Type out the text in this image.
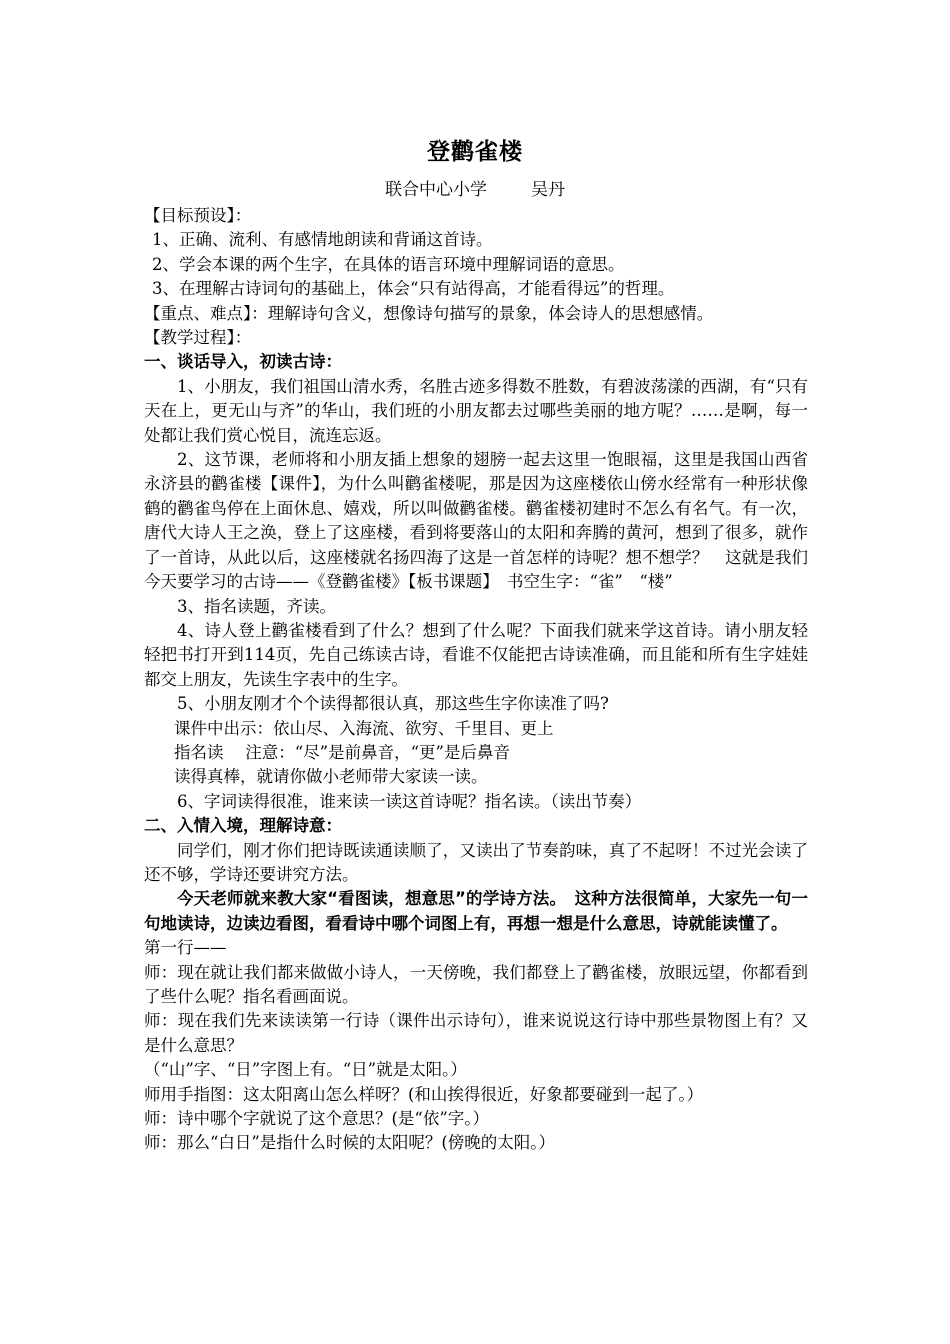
登鹳雀楼
联合中心小学	吴丹

【目标预设】：

1、正确、流利、有感情地朗读和背诵这首诗。

2、学会本课的两个生字，在具体的语言环境中理解词语的意思。

3、在理解古诗词句的基础上，体会“只有站得高，才能看得远”的哲理。

【重点、难点】：理解诗句含义，想像诗句描写的景象，体会诗人的思想感情。

【教学过程】：

一、谈话导入，初读古诗：

1、小朋友，我们祖国山清水秀，名胜古迹多得数不胜数，有碧波荡漾的西湖，有“只有天在上，更无山与齐”的华山，我们班的小朋友都去过哪些美丽的地方呢？……是啊，每一处都让我们赏心悦目，流连忘返。

2、这节课，老师将和小朋友插上想象的翅膀一起去这里一饱眼福，这里是我国山西省永济县的鹳雀楼【课件】，为什么叫鹳雀楼呢，那是因为这座楼依山傍水经常有一种形状像鹤的鹳雀鸟停在上面休息、嬉戏，所以叫做鹳雀楼。鹳雀楼初建时不怎么有名气。有一次，唐代大诗人王之涣，登上了这座楼，看到将要落山的太阳和奔腾的黄河，想到了很多，就作了一首诗，从此以后，这座楼就名扬四海了这是一首怎样的诗呢？想不想学？　这就是我们今天要学习的古诗——《登鹳雀楼》【板书课题】　书空生字：“雀”　“楼”

3、指名读题，齐读。

4、诗人登上鹳雀楼看到了什么？想到了什么呢？下面我们就来学这首诗。请小朋友轻轻把书打开到114页，先自己练读古诗，看谁不仅能把古诗读准确，而且能和所有生字娃娃都交上朋友，先读生字表中的生字。

5、小朋友刚才个个读得都很认真，那这些生字你读准了吗?

课件中出示：依山尽、入海流、欲穷、千里目、更上

指名读　 注意：“尽”是前鼻音，“更”是后鼻音

读得真棒，就请你做小老师带大家读一读。

6、字词读得很准，谁来读一读这首诗呢？指名读。（读出节奏）

二、入情入境，理解诗意：

同学们，刚才你们把诗既读通读顺了，又读出了节奏韵味，真了不起呀！不过光会读了还不够，学诗还要讲究方法。

今天老师就来教大家“看图读，想意思”的学诗方法。　这种方法很简单，大家先一句一句地读诗，边读边看图，看看诗中哪个词图上有，再想一想是什么意思，诗就能读懂了。

第一行——

师：现在就让我们都来做做小诗人，一天傍晚，我们都登上了鹳雀楼，放眼远望，你都看到了些什么呢？指名看画面说。

师：现在我们先来读读第一行诗（课件出示诗句），谁来说说这行诗中那些景物图上有？又是什么意思？

（“山”字、“日”字图上有。“日”就是太阳。）

师用手指图：这太阳离山怎么样呀？(和山挨得很近，好象都要碰到一起了。）

师：诗中哪个字就说了这个意思？(是“依”字。）

师：那么“白日”是指什么时候的太阳呢？(傍晚的太阳。）
